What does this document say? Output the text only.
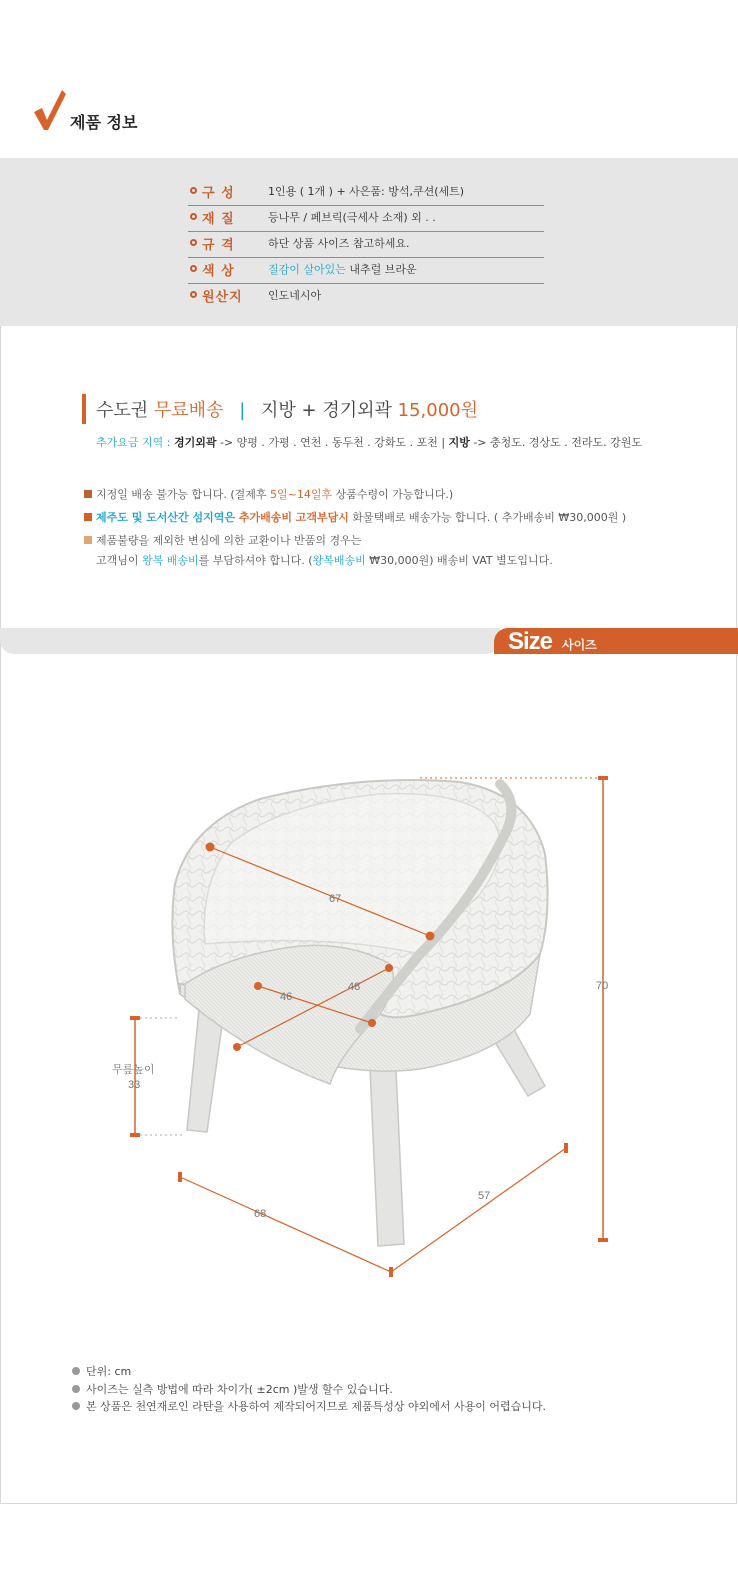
제품 정보
구 성	1인용 ( 1개 ) + 사은품: 방석,쿠션(세트)
재 질	등나무 / 페브릭(극세사 소재) 외 . .
규 격	하단 상품 사이즈 참고하세요.
색 상	질감이 살아있는 내추럴 브라운
원산지 인도네시아
수도권 무료배송 | 지방 + 경기외곽 15,000원
추가요금 지역 : 경기외곽 -> 양평 . 가평 . 연천 . 동두천 . 강화도 . 포천 | 지방 -> 충청도. 경상도 . 전라도. 강원도
지정일 배송 불가능 합니다. (결제후 5일~14일후 상품수령이 가능합니다.)
제주도 및 도서산간 섬지역은 추가배송비 고객부담시 화물택배로 배송가능 합니다. ( 추가배송비 ₩30,000원 )
제품불량을 제외한 변심에 의한 교환이나 반품의 경우는
고객님이 왕복 배송비를 부담하셔야 합니다. (왕복배송비 ₩30,000원) 배송비 VAT 별도입니다.
Size 사이즈
67
46
48	70
무릎높이
33
68
57
단위: cm
사이즈는 실측 방법에 따라 차이가( ±2cm )발생 할수 있습니다.
본 상품은 천연재로인 라탄을 사용하여 제작되어지므로 제품특성상 야외에서 사용이 어렵습니다.
